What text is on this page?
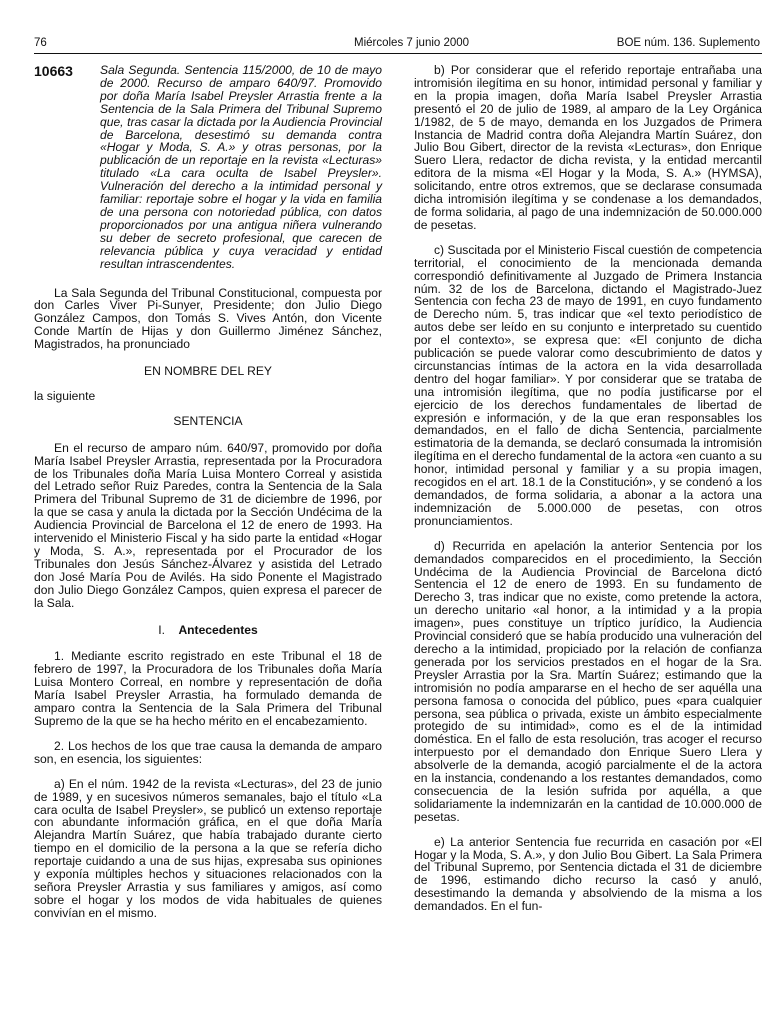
76	Miércoles 7 junio 2000	BOE núm. 136. Suplemento
10663	Sala Segunda. Sentencia 115/2000, de 10 de mayo de 2000. Recurso de amparo 640/97. Promovido por doña María Isabel Preysler Arrastia frente a la Sentencia de la Sala Primera del Tribunal Supremo que, tras casar la dictada por la Audiencia Provincial de Barcelona, desestimó su demanda contra «Hogar y Moda, S. A.» y otras personas, por la publicación de un reportaje en la revista «Lecturas» titulado «La cara oculta de Isabel Preysler». Vulneración del derecho a la intimidad personal y familiar: reportaje sobre el hogar y la vida en familia de una persona con notoriedad pública, con datos proporcionados por una antigua niñera vulnerando su deber de secreto profesional, que carecen de relevancia pública y cuya veracidad y entidad resultan intrascendentes.

La Sala Segunda del Tribunal Constitucional, compuesta por don Carles Viver Pi-Sunyer, Presidente; don Julio Diego González Campos, don Tomás S. Vives Antón, don Vicente Conde Martín de Hijas y don Guillermo Jiménez Sánchez, Magistrados, ha pronunciado

EN NOMBRE DEL REY

la siguiente

SENTENCIA

En el recurso de amparo núm. 640/97, promovido por doña María Isabel Preysler Arrastia, representada por la Procuradora de los Tribunales doña María Luisa Montero Correal y asistida del Letrado señor Ruiz Paredes, contra la Sentencia de la Sala Primera del Tribunal Supremo de 31 de diciembre de 1996, por la que se casa y anula la dictada por la Sección Undécima de la Audiencia Provincial de Barcelona el 12 de enero de 1993. Ha intervenido el Ministerio Fiscal y ha sido parte la entidad «Hogar y Moda, S. A.», representada por el Procurador de los Tribunales don Jesús Sánchez-Álvarez y asistida del Letrado don José María Pou de Avilés. Ha sido Ponente el Magistrado don Julio Diego González Campos, quien expresa el parecer de la Sala.

I. Antecedentes

1. Mediante escrito registrado en este Tribunal el 18 de febrero de 1997, la Procuradora de los Tribunales doña María Luisa Montero Correal, en nombre y representación de doña María Isabel Preysler Arrastia, ha formulado demanda de amparo contra la Sentencia de la Sala Primera del Tribunal Supremo de la que se ha hecho mérito en el encabezamiento.

2. Los hechos de los que trae causa la demanda de amparo son, en esencia, los siguientes:

a) En el núm. 1942 de la revista «Lecturas», del 23 de junio de 1989, y en sucesivos números semanales, bajo el título «La cara oculta de Isabel Preysler», se publicó un extenso reportaje con abundante información gráfica, en el que doña María Alejandra Martín Suárez, que había trabajado durante cierto tiempo en el domicilio de la persona a la que se refería dicho reportaje cuidando a una de sus hijas, expresaba sus opiniones y exponía múltiples hechos y situaciones relacionados con la señora Preysler Arrastia y sus familiares y amigos, así como sobre el hogar y los modos de vida habituales de quienes convivían en el mismo.

b) Por considerar que el referido reportaje entrañaba una intromisión ilegítima en su honor, intimidad personal y familiar y en la propia imagen, doña María Isabel Preysler Arrastia presentó el 20 de julio de 1989, al amparo de la Ley Orgánica 1/1982, de 5 de mayo, demanda en los Juzgados de Primera Instancia de Madrid contra doña Alejandra Martín Suárez, don Julio Bou Gibert, director de la revista «Lecturas», don Enrique Suero Llera, redactor de dicha revista, y la entidad mercantil editora de la misma «El Hogar y la Moda, S. A.» (HYMSA), solicitando, entre otros extremos, que se declarase consumada dicha intromisión ilegítima y se condenase a los demandados, de forma solidaria, al pago de una indemnización de 50.000.000 de pesetas.

c) Suscitada por el Ministerio Fiscal cuestión de competencia territorial, el conocimiento de la mencionada demanda correspondió definitivamente al Juzgado de Primera Instancia núm. 32 de los de Barcelona, dictando el Magistrado-Juez Sentencia con fecha 23 de mayo de 1991, en cuyo fundamento de Derecho núm. 5, tras indicar que «el texto periodístico de autos debe ser leído en su conjunto e interpretado su cuentido por el contexto», se expresa que: «El conjunto de dicha publicación se puede valorar como descubrimiento de datos y circunstancias íntimas de la actora en la vida desarrollada dentro del hogar familiar». Y por considerar que se trataba de una intromisión ilegítima, que no podía justificarse por el ejercicio de los derechos fundamentales de libertad de expresión e información, y de la que eran responsables los demandados, en el fallo de dicha Sentencia, parcialmente estimatoria de la demanda, se declaró consumada la intromisión ilegítima en el derecho fundamental de la actora «en cuanto a su honor, intimidad personal y familiar y a su propia imagen, recogidos en el art. 18.1 de la Constitución», y se condenó a los demandados, de forma solidaria, a abonar a la actora una indemnización de 5.000.000 de pesetas, con otros pronunciamientos.

d) Recurrida en apelación la anterior Sentencia por los demandados comparecidos en el procedimiento, la Sección Undécima de la Audiencia Provincial de Barcelona dictó Sentencia el 12 de enero de 1993. En su fundamento de Derecho 3, tras indicar que no existe, como pretende la actora, un derecho unitario «al honor, a la intimidad y a la propia imagen», pues constituye un tríptico jurídico, la Audiencia Provincial consideró que se había producido una vulneración del derecho a la intimidad, propiciado por la relación de confianza generada por los servicios prestados en el hogar de la Sra. Preysler Arrastia por la Sra. Martín Suárez; estimando que la intromisión no podía ampararse en el hecho de ser aquélla una persona famosa o conocida del público, pues «para cualquier persona, sea pública o privada, existe un ámbito especialmente protegido de su intimidad», como es el de la intimidad doméstica. En el fallo de esta resolución, tras acoger el recurso interpuesto por el demandado don Enrique Suero Llera y absolverle de la demanda, acogió parcialmente el de la actora en la instancia, condenando a los restantes demandados, como consecuencia de la lesión sufrida por aquélla, a que solidariamente la indemnizarán en la cantidad de 10.000.000 de pesetas.

e) La anterior Sentencia fue recurrida en casación por «El Hogar y la Moda, S. A.», y don Julio Bou Gibert. La Sala Primera del Tribunal Supremo, por Sentencia dictada el 31 de diciembre de 1996, estimando dicho recurso la casó y anuló, desestimando la demanda y absolviendo de la misma a los demandados. En el fun-
